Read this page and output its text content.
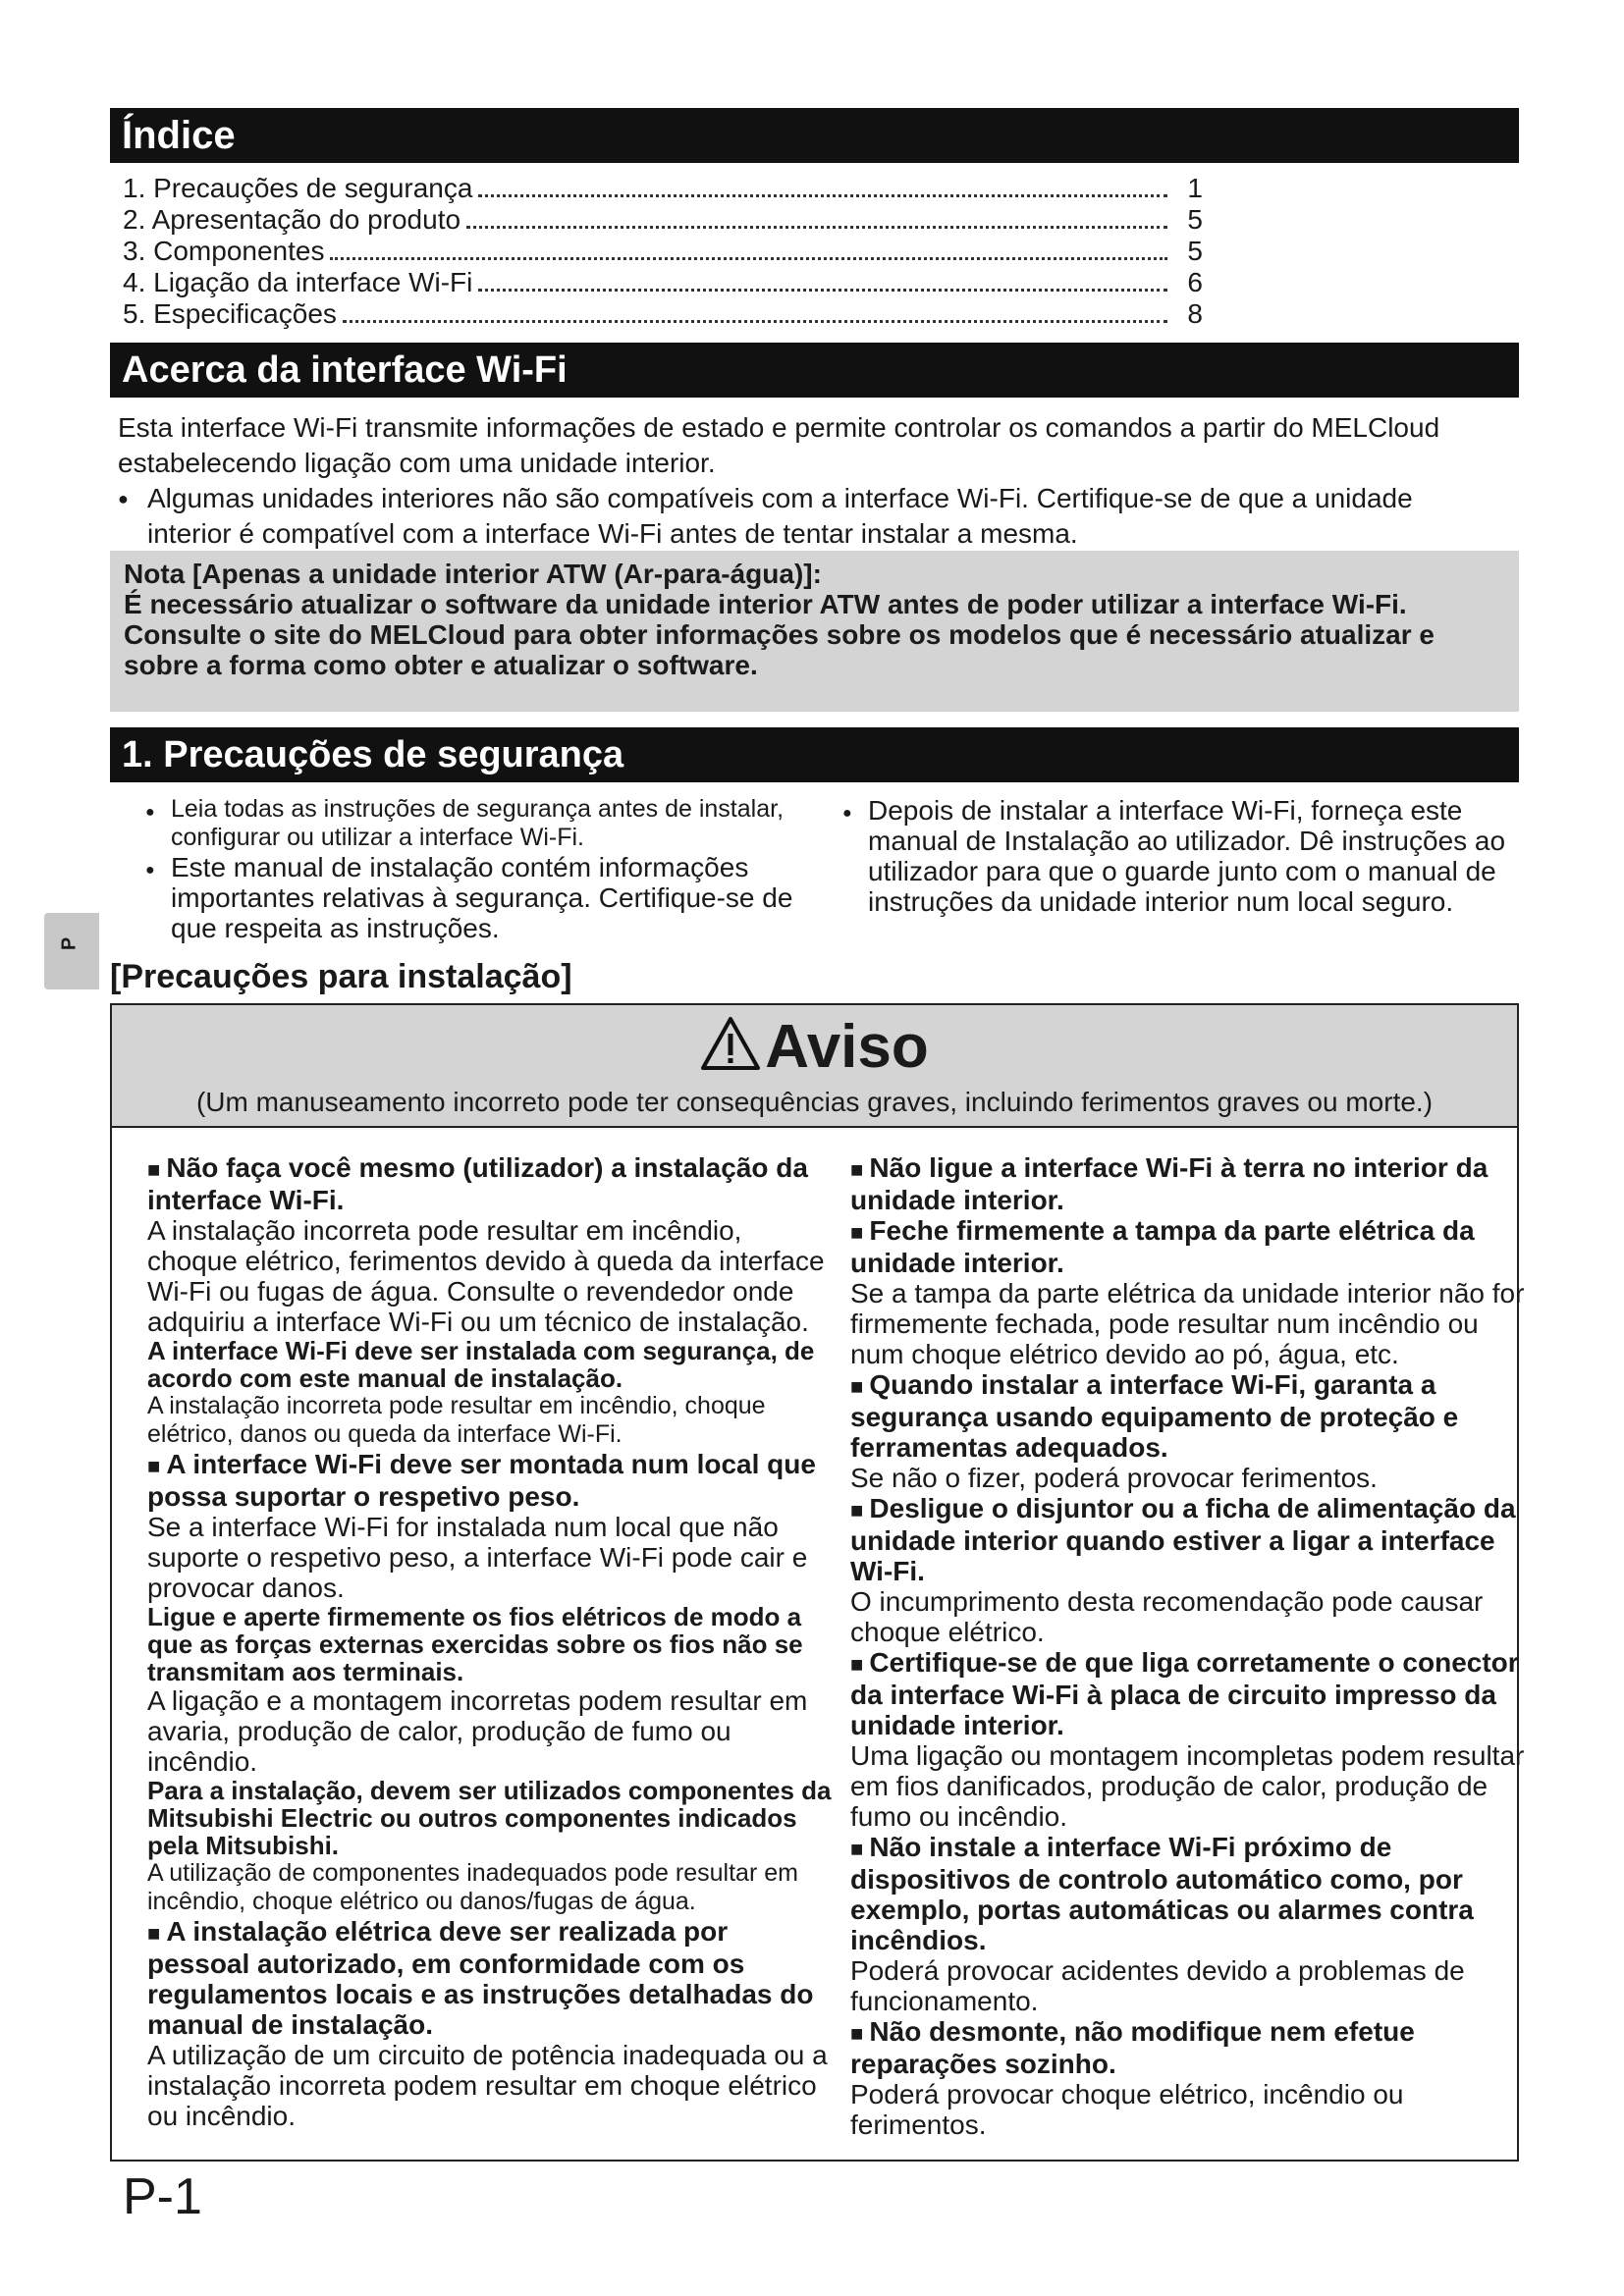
Índice
1. Precauções de segurança	1
2. Apresentação do produto	5
3. Componentes	5
4. Ligação da interface Wi-Fi	6
5. Especificações	8
Acerca da interface Wi-Fi

Esta interface Wi-Fi transmite informações de estado e permite controlar os comandos a partir do MELCloud estabelecendo ligação com uma unidade interior.

● Algumas unidades interiores não são compatíveis com a interface Wi-Fi. Certifique-se de que a unidade interior é compatível com a interface Wi-Fi antes de tentar instalar a mesma.

Nota [Apenas a unidade interior ATW (Ar-para-água)]:

É necessário atualizar o software da unidade interior ATW antes de poder utilizar a interface Wi-Fi.

Consulte o site do MELCloud para obter informações sobre os modelos que é necessário atualizar e sobre a forma como obter e atualizar o software.

1. Precauções de segurança

● Leia todas as instruções de segurança antes de instalar, configurar ou utilizar a interface Wi-Fi.

● Este manual de instalação contém informações importantes relativas à segurança. Certifique-se de que respeita as instruções.

● Depois de instalar a interface Wi-Fi, forneça este manual de Instalação ao utilizador. Dê instruções ao utilizador para que o guarde junto com o manual de instruções da unidade interior num local seguro.

P
[Precauções para instalação]
Aviso
(Um manuseamento incorreto pode ter consequências graves, incluindo ferimentos graves ou morte.)

■ Não faça você mesmo (utilizador) a instalação da interface Wi-Fi.

A instalação incorreta pode resultar em incêndio, choque elétrico, ferimentos devido à queda da interface Wi-Fi ou fugas de água. Consulte o revendedor onde adquiriu a interface Wi-Fi ou um técnico de instalação.

A interface Wi-Fi deve ser instalada com segurança, de acordo com este manual de instalação.

A instalação incorreta pode resultar em incêndio, choque elétrico, danos ou queda da interface Wi-Fi.

■ A interface Wi-Fi deve ser montada num local que possa suportar o respetivo peso.

Se a interface Wi-Fi for instalada num local que não suporte o respetivo peso, a interface Wi-Fi pode cair e provocar danos.

Ligue e aperte firmemente os fios elétricos de modo a que as forças externas exercidas sobre os fios não se transmitam aos terminais.

A ligação e a montagem incorretas podem resultar em avaria, produção de calor, produção de fumo ou incêndio.

Para a instalação, devem ser utilizados componentes da Mitsubishi Electric ou outros componentes indicados pela Mitsubishi.

A utilização de componentes inadequados pode resultar em incêndio, choque elétrico ou danos/fugas de água.

■ A instalação elétrica deve ser realizada por pessoal autorizado, em conformidade com os regulamentos locais e as instruções detalhadas do manual de instalação.

A utilização de um circuito de potência inadequada ou a instalação incorreta podem resultar em choque elétrico ou incêndio.

■ Não ligue a interface Wi-Fi à terra no interior da unidade interior.

■ Feche firmemente a tampa da parte elétrica da unidade interior.

Se a tampa da parte elétrica da unidade interior não for firmemente fechada, pode resultar num incêndio ou num choque elétrico devido ao pó, água, etc.

■ Quando instalar a interface Wi-Fi, garanta a segurança usando equipamento de proteção e ferramentas adequados.

Se não o fizer, poderá provocar ferimentos.

■ Desligue o disjuntor ou a ficha de alimentação da unidade interior quando estiver a ligar a interface Wi-Fi.

O incumprimento desta recomendação pode causar choque elétrico.

■ Certifique-se de que liga corretamente o conector da interface Wi-Fi à placa de circuito impresso da unidade interior.

Uma ligação ou montagem incompletas podem resultar em fios danificados, produção de calor, produção de fumo ou incêndio.

■ Não instale a interface Wi-Fi próximo de dispositivos de controlo automático como, por exemplo, portas automáticas ou alarmes contra incêndios.

Poderá provocar acidentes devido a problemas de funcionamento.

■ Não desmonte, não modifique nem efetue reparações sozinho.

Poderá provocar choque elétrico, incêndio ou ferimentos.

P-1
